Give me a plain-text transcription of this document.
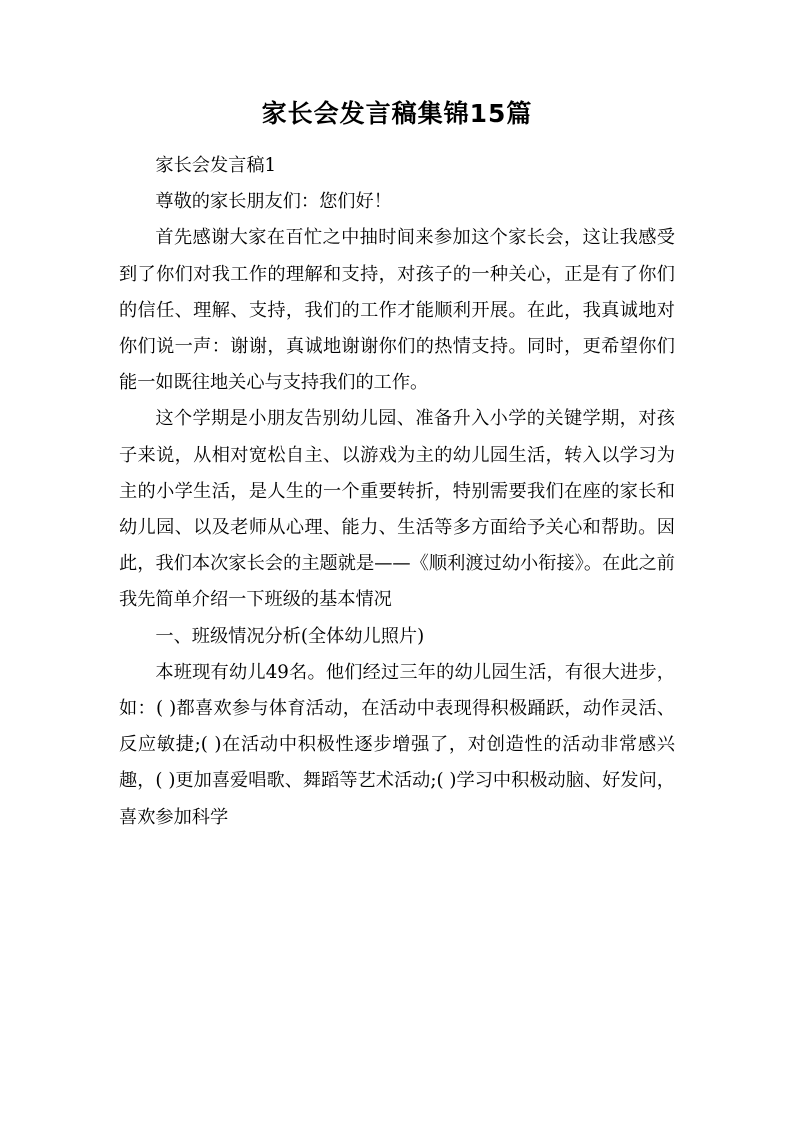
家长会发言稿集锦15篇

家长会发言稿1

尊敬的家长朋友们：您们好！

首先感谢大家在百忙之中抽时间来参加这个家长会，这让我感受到了你们对我工作的理解和支持，对孩子的一种关心，正是有了你们的信任、理解、支持，我们的工作才能顺利开展。在此，我真诚地对你们说一声：谢谢，真诚地谢谢你们的热情支持。同时，更希望你们能一如既往地关心与支持我们的工作。

这个学期是小朋友告别幼儿园、准备升入小学的关键学期，对孩子来说，从相对宽松自主、以游戏为主的幼儿园生活，转入以学习为主的小学生活，是人生的一个重要转折，特别需要我们在座的家长和幼儿园、以及老师从心理、能力、生活等多方面给予关心和帮助。因此，我们本次家长会的主题就是——《顺利渡过幼小衔接》。在此之前我先简单介绍一下班级的基本情况

一、班级情况分析(全体幼儿照片)

本班现有幼儿49名。他们经过三年的幼儿园生活，有很大进步，如：( )都喜欢参与体育活动，在活动中表现得积极踊跃，动作灵活、反应敏捷;( )在活动中积极性逐步增强了，对创造性的活动非常感兴趣，( )更加喜爱唱歌、舞蹈等艺术活动;( )学习中积极动脑、好发问，喜欢参加科学
